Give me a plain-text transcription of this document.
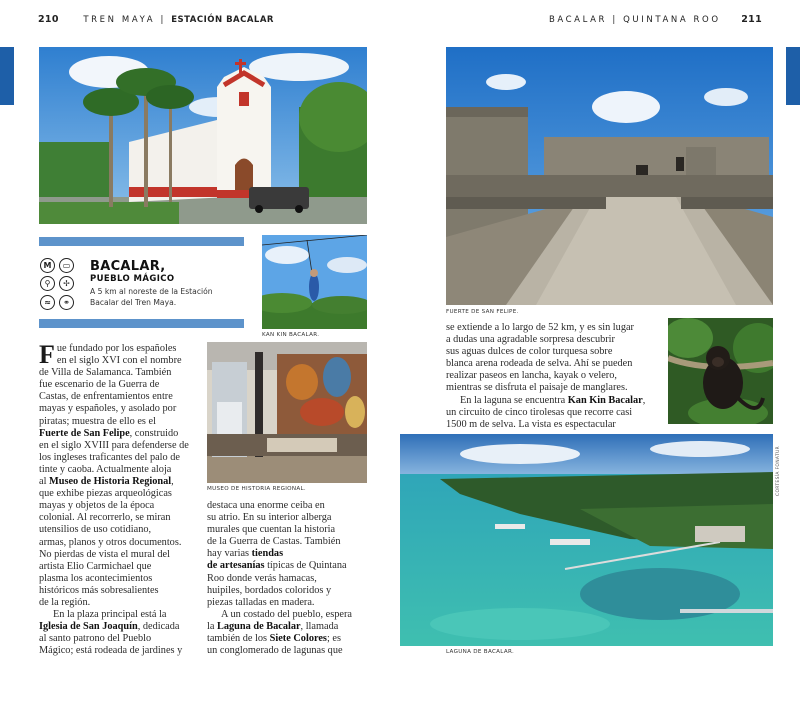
210	TREN MAYA | ESTACIÓN BACALAR	BACALAR | QUINTANA ROO 211
M	▭
⚲	✢
≈	⚭
BACALAR,
PUEBLO MÁGICO
A 5 km al noreste de la Estación
Bacalar del Tren Maya.
KAN KIN BACALAR.
MUSEO DE HISTORIA REGIONAL.
F ue fundado por los españoles
en el siglo XVI con el nombre
de Villa de Salamanca. También
fue escenario de la Guerra de
Castas, de enfrentamientos entre
mayas y españoles, y asolado por
piratas; muestra de ello es el
Fuerte de San Felipe, construido
en el siglo XVIII para defenderse de
los ingleses traficantes del palo de
tinte y caoba. Actualmente aloja
al Museo de Historia Regional,
que exhibe piezas arqueológicas
mayas y objetos de la época
colonial. Al recorrerlo, se miran
utensilios de uso cotidiano,
armas, planos y otros documentos.
No pierdas de vista el mural del
artista Elio Carmichael que
plasma los acontecimientos
históricos más sobresalientes
de la región.
En la plaza principal está la
Iglesia de San Joaquín, dedicada
al santo patrono del Pueblo
Mágico; está rodeada de jardines y
destaca una enorme ceiba en
su atrio. En su interior alberga
murales que cuentan la historia
de la Guerra de Castas. También
hay varias tiendas
de artesanías típicas de Quintana
Roo donde verás hamacas,
huipiles, bordados coloridos y
piezas talladas en madera.
A un costado del pueblo, espera
la Laguna de Bacalar, llamada
también de los Siete Colores; es
un conglomerado de lagunas que
FUERTE DE SAN FELIPE.
se extiende a lo largo de 52 km, y es sin lugar
a dudas una agradable sorpresa descubrir
sus aguas dulces de color turquesa sobre
blanca arena rodeada de selva. Ahí se pueden
realizar paseos en lancha, kayak o velero,
mientras se disfruta el paisaje de manglares.
En la laguna se encuentra Kan Kin Bacalar,
un circuito de cinco tirolesas que recorre casi
1500 m de selva. La vista es espectacular
LAGUNA DE BACALAR.
CORTESÍA FONATUR
